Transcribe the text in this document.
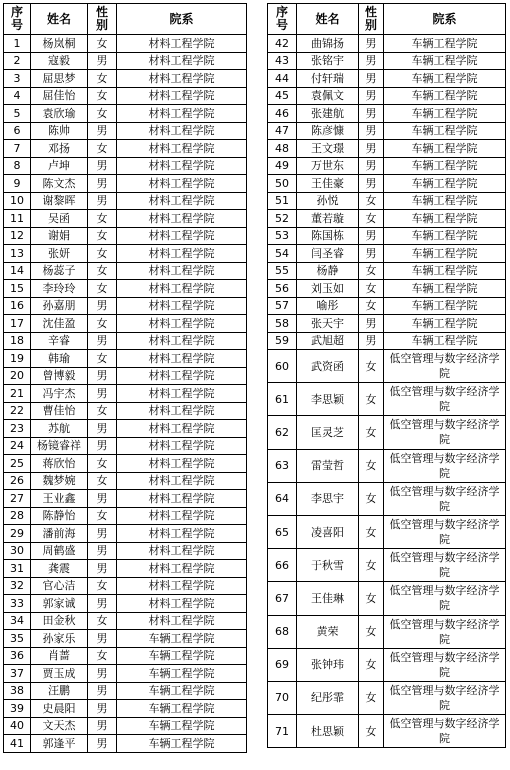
序
号	姓名	性
别	院系
1	杨岚桐	女	材料工程学院
2	寇毅	男	材料工程学院
3	屈思梦	女	材料工程学院
4	屈佳怡	女	材料工程学院
5	袁欣瑜	女	材料工程学院
6	陈帅	男	材料工程学院
7	邓扬	女	材料工程学院
8	卢坤	男	材料工程学院
9	陈文杰	男	材料工程学院
10	谢黎晖	男	材料工程学院
11	吴函	女	材料工程学院
12	谢娟	女	材料工程学院
13	张妍	女	材料工程学院
14	杨蕊子	女	材料工程学院
15	李玲玲	女	材料工程学院
16	孙嘉朋	男	材料工程学院
17	沈佳盈	女	材料工程学院
18	辛睿	男	材料工程学院
19	韩瑜	女	材料工程学院
20	曾博毅	男	材料工程学院
21	冯宇杰	男	材料工程学院
22	曹佳怡	女	材料工程学院
23	苏航	男	材料工程学院
24	杨镜睿祥	男	材料工程学院
25	蒋欣怡	女	材料工程学院
26	魏梦婉	女	材料工程学院
27	王业鑫	男	材料工程学院
28	陈静怡	女	材料工程学院
29	潘前海	男	材料工程学院
30	周鹤盛	男	材料工程学院
31	龚震	男	材料工程学院
32	官心洁	女	材料工程学院
33	郭家诚	男	材料工程学院
34	田金秋	女	材料工程学院
35	孙家乐	男	车辆工程学院
36	肖蔷	女	车辆工程学院
37	贾玉成	男	车辆工程学院
38	汪鹏	男	车辆工程学院
39	史晨阳	男	车辆工程学院
40	文天杰	男	车辆工程学院
41	郭逢平	男	车辆工程学院
序
号	姓名	性
别	院系
42	曲锦扬	男	车辆工程学院
43	张铭宇	男	车辆工程学院
44	付轩瑞	男	车辆工程学院
45	袁佩文	男	车辆工程学院
46	张建航	男	车辆工程学院
47	陈彦慷	男	车辆工程学院
48	王文璟	男	车辆工程学院
49	万世东	男	车辆工程学院
50	王佳豪	男	车辆工程学院
51	孙悦	女	车辆工程学院
52	董若璇	女	车辆工程学院
53	陈国栋	男	车辆工程学院
54	闫圣睿	男	车辆工程学院
55	杨静	女	车辆工程学院
56	刘玉如	女	车辆工程学院
57	喻彤	女	车辆工程学院
58	张天宇	男	车辆工程学院
59	武旭超	男	车辆工程学院
60	武资函	女	低空管理与数字经济学院
61	李思颖	女	低空管理与数字经济学院
62	匡灵芝	女	低空管理与数字经济学院
63	雷莹哲	女	低空管理与数字经济学院
64	李思宇	女	低空管理与数字经济学院
65	凌喜阳	女	低空管理与数字经济学院
66	于秋雪	女	低空管理与数字经济学院
67	王佳琳	女	低空管理与数字经济学院
68	黄荣	女	低空管理与数字经济学院
69	张钟玮	女	低空管理与数字经济学院
70	纪彤霏	女	低空管理与数字经济学院
71	杜思颖	女	低空管理与数字经济学院
